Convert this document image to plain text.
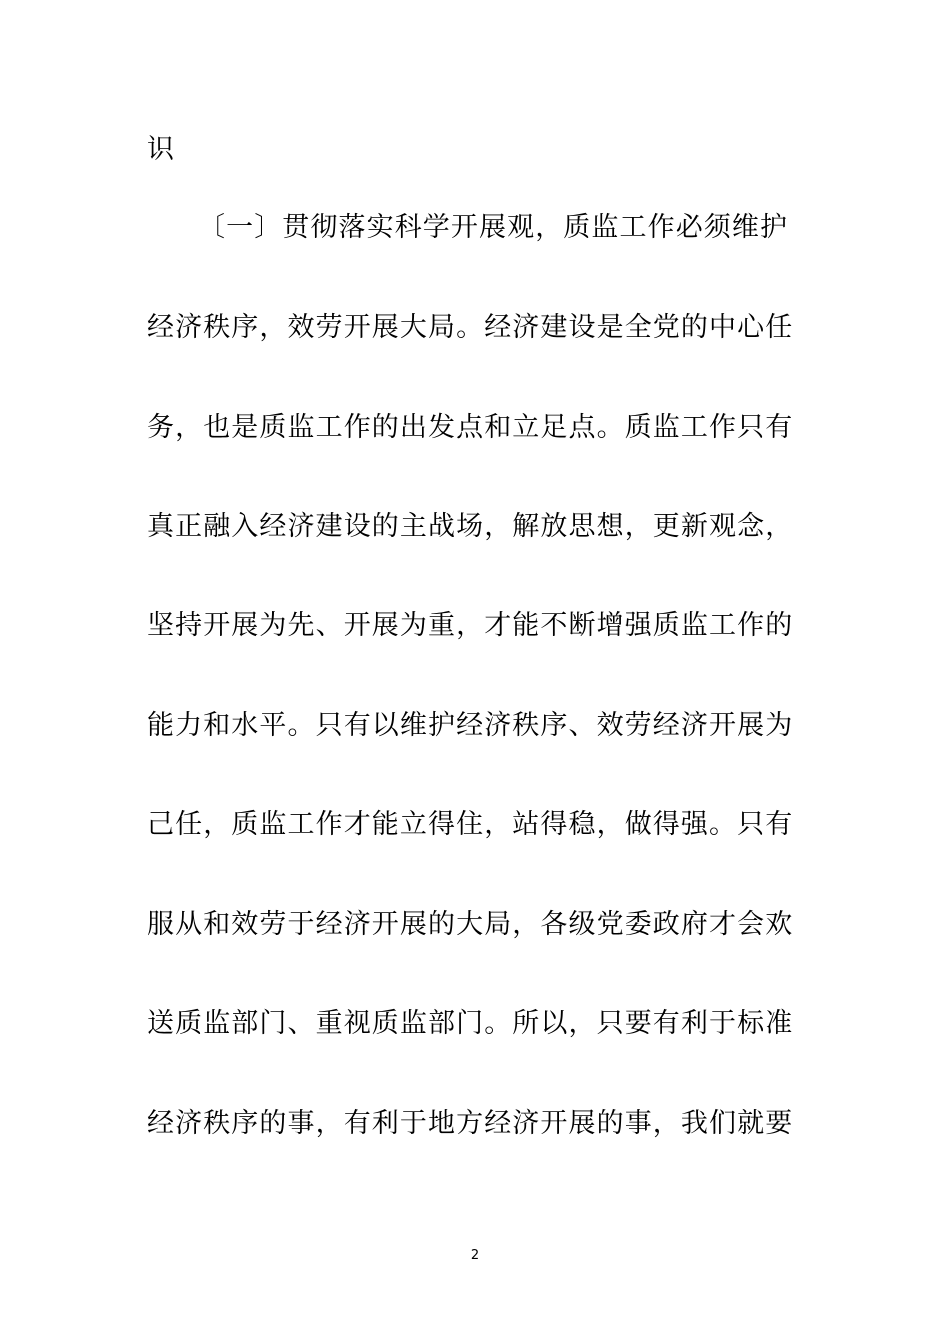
识
〔一〕贯彻落实科学开展观，质监工作必须维护
经济秩序，效劳开展大局。经济建设是全党的中心任
务，也是质监工作的出发点和立足点。质监工作只有
真正融入经济建设的主战场，解放思想，更新观念，
坚持开展为先、开展为重，才能不断增强质监工作的
能力和水平。只有以维护经济秩序、效劳经济开展为
己任，质监工作才能立得住，站得稳，做得强。只有
服从和效劳于经济开展的大局，各级党委政府才会欢
送质监部门、重视质监部门。所以，只要有利于标准
经济秩序的事，有利于地方经济开展的事，我们就要
2
